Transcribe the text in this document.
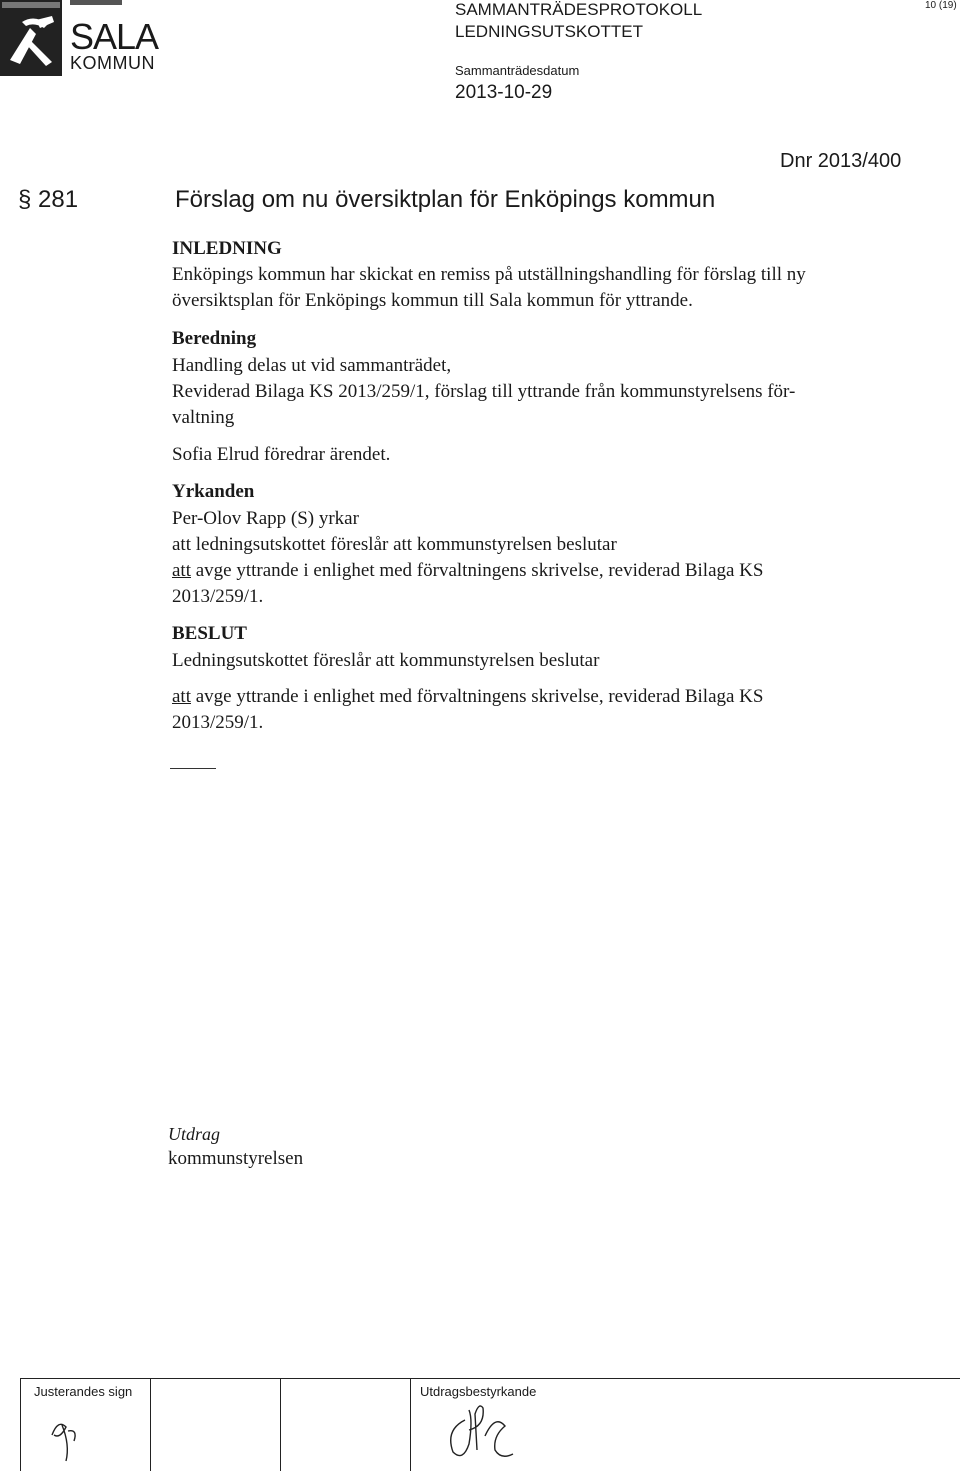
SALA
KOMMUN
SAMMANTRÄDESPROTOKOLL
LEDNINGSUTSKOTTET
Sammanträdesdatum
2013-10-29
10 (19)
Dnr 2013/400
§ 281	Förslag om nu översiktplan för Enköpings kommun
INLEDNING
Enköpings kommun har skickat en remiss på utställningshandling för förslag till ny
översiktsplan för Enköpings kommun till Sala kommun för yttrande.
Beredning
Handling delas ut vid sammanträdet,
Reviderad Bilaga KS 2013/259/1, förslag till yttrande från kommunstyrelsens för-
valtning
Sofia Elrud föredrar ärendet.
Yrkanden
Per-Olov Rapp (S) yrkar
att ledningsutskottet föreslår att kommunstyrelsen beslutar
att avge yttrande i enlighet med förvaltningens skrivelse, reviderad Bilaga KS
2013/259/1.
BESLUT
Ledningsutskottet föreslår att kommunstyrelsen beslutar
att avge yttrande i enlighet med förvaltningens skrivelse, reviderad Bilaga KS
2013/259/1.
Utdrag
kommunstyrelsen
Justerandes sign	Utdragsbestyrkande
